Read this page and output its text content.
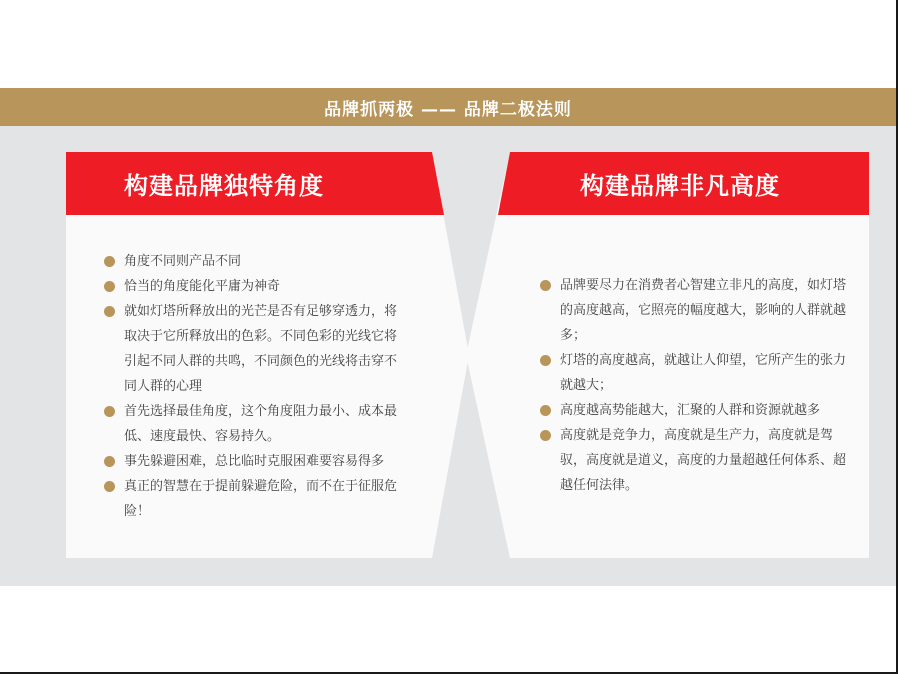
品牌抓两极 —— 品牌二极法则
构建品牌独特角度
角度不同则产品不同
恰当的角度能化平庸为神奇
就如灯塔所释放出的光芒是否有足够穿透力，将取决于它所释放出的色彩。不同色彩的光线它将引起不同人群的共鸣，不同颜色的光线将击穿不同人群的心理
首先选择最佳角度，这个角度阻力最小、成本最低、速度最快、容易持久。
事先躲避困难，总比临时克服困难要容易得多
真正的智慧在于提前躲避危险，而不在于征服危险！
构建品牌非凡高度
品牌要尽力在消费者心智建立非凡的高度，如灯塔的高度越高，它照亮的幅度越大，影响的人群就越多；
灯塔的高度越高，就越让人仰望，它所产生的张力就越大；
高度越高势能越大，汇聚的人群和资源就越多
高度就是竞争力，高度就是生产力，高度就是驾驭，高度就是道义，高度的力量超越任何体系、超越任何法律。
